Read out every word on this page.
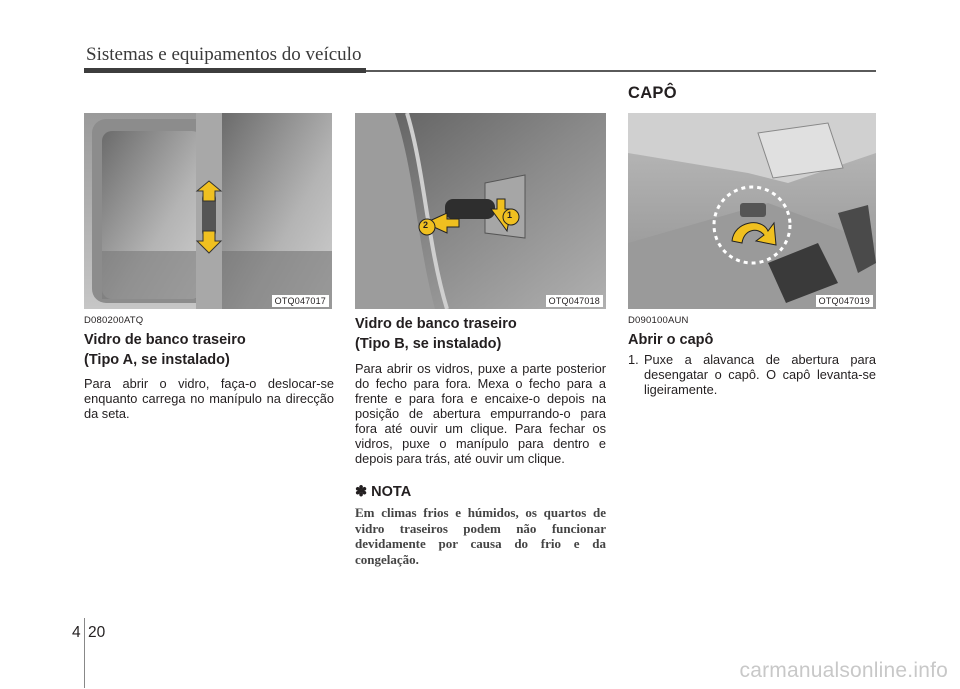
Sistemas e equipamentos do veículo
CAPÔ
OTQ047017
2
1
OTQ047018	OTQ047019
D080200ATQ

Vidro de banco traseiro

(Tipo A, se instalado)

Para abrir o vidro, faça-o deslocar-se enquanto carrega no manípulo na direcção da seta.

Vidro de banco traseiro

(Tipo B, se instalado)

Para abrir os vidros, puxe a parte posterior do fecho para fora. Mexa o fecho para a frente e para fora e encaixe-o depois na posição de abertura empurrando-o para fora até ouvir um clique. Para fechar os vidros, puxe o manípulo para dentro e depois para trás, até ouvir um clique.

✽ NOTA

Em climas frios e húmidos, os quartos de vidro traseiros podem não funcionar devidamente por causa do frio e da congelação.

D090100AUN

Abrir o capô

1. Puxe a alavanca de abertura para desengatar o capô. O capô levanta-se ligeiramente.
4 20
carmanualsonline.info
